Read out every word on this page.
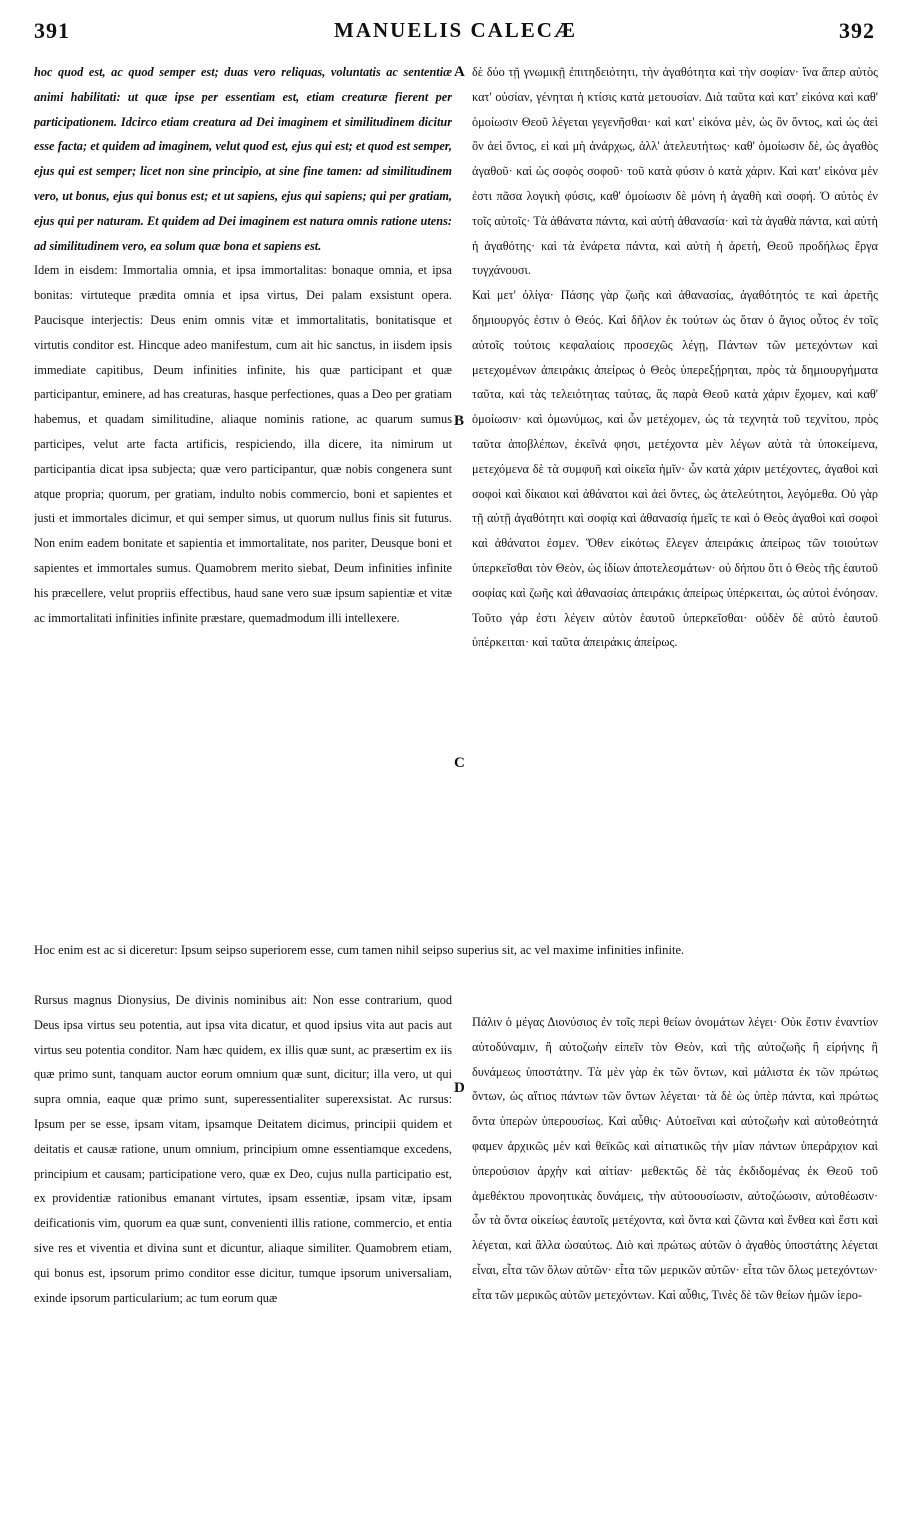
391	MANUELIS CALECÆ	392

hoc quod est, ac quod semper est; duas vero reliquas, voluntatis ac sententiæ animi habilitati: ut quæ ipse per essentiam est, etiam creaturæ fierent per participationem. Idcirco etiam creatura ad Dei imaginem et similitudinem dicitur esse facta; et quidem ad imaginem, velut quod est, ejus qui est; et quod est semper, ejus qui est semper; licet non sine principio, at sine fine tamen: ad similitudinem vero, ut bonus, ejus qui bonus est; et ut sapiens, ejus qui sapiens; qui per gratiam, ejus qui per naturam. Et quidem ad Dei imaginem est natura omnis ratione utens: ad similitudinem vero, ea solum quæ bona et sapiens est.

Idem in eisdem: Immortalia omnia, et ipsa immortalitas: bonaque omnia, et ipsa bonitas: virtuteque prædita omnia et ipsa virtus, Dei palam exsistunt opera. Paucisque interjectis: Deus enim omnis vitæ et immortalitatis, bonitatisque et virtutis conditor est. Hincque adeo manifestum, cum ait hic sanctus, in iisdem ipsis immediate capitibus, Deum infinities infinite, his quæ participant et quæ participantur, eminere, ad has creaturas, hasque perfectiones, quas a Deo per gratiam habemus, et quadam similitudine, aliaque nominis ratione, ac quarum sumus participes, velut arte facta artificis, respiciendo, illa dicere, ita nimirum ut participantia dicat ipsa subjecta; quæ vero participantur, quæ nobis congenera sunt atque propria; quorum, per gratiam, indulto nobis commercio, boni et sapientes et justi et immortales dicimur, et qui semper simus, ut quorum nullus finis sit futurus. Non enim eadem bonitate et sapientia et immortalitate, nos pariter, Deusque boni et sapientes et immortales sumus. Quamobrem merito siebat, Deum infinities infinite his præcellere, velut propriis effectibus, haud sane vero suæ ipsum sapientiæ et vitæ ac immortalitati infinities infinite præstare, quemadmodum illi intellexere.

δὲ δύο τῇ γνωμικῇ ἐπιτηδειότητι, τὴν ἀγαθότητα καὶ τὴν σοφίαν· ἵνα ἅπερ αὐτὸς κατ' οὐσίαν, γένηται ἡ κτίσις κατὰ μετουσίαν. Διὰ ταῦτα καὶ κατ' εἰκόνα καὶ καθ' ὁμοίωσιν Θεοῦ λέγεται γεγενῆσθαι· καὶ κατ' εἰκόνα μὲν, ὡς ὂν ὄντος, καὶ ὡς ἀεὶ ὂν ἀεὶ ὄντος, εἰ καὶ μὴ ἀνάρχως, ἀλλ' ἀτελευτήτως· καθ' ὁμοίωσιν δὲ, ὡς ἀγαθὸς ἀγαθοῦ· καὶ ὡς σοφὸς σοφοῦ· τοῦ κατὰ φύσιν ὁ κατὰ χάριν. Καὶ κατ' εἰκόνα μὲν ἐστι πᾶσα λογικὴ φύσις, καθ' ὁμοίωσιν δὲ μόνη ἡ ἀγαθὴ καὶ σοφή. Ὁ αὐτὸς ἐν τοῖς αὐτοῖς· Τὰ ἀθάνατα πάντα, καὶ αὐτὴ ἀθανασία· καὶ τὰ ἀγαθὰ πάντα, καὶ αὐτὴ ἡ ἀγαθότης· καὶ τὰ ἐνάρετα πάντα, καὶ αὐτὴ ἡ ἀρετὴ, Θεοῦ προδήλως ἔργα τυγχάνουσι.

Καὶ μετ' ὀλίγα· Πάσης γὰρ ζωῆς καὶ ἀθανασίας, ἀγαθότητός τε καὶ ἀρετῆς δημιουργός ἐστιν ὁ Θεός. Καὶ δῆλον ἐκ τούτων ὡς ὅταν ὁ ἅγιος οὗτος ἐν τοῖς αὐτοῖς τούτοις κεφαλαίοις προσεχῶς λέγῃ, Πάντων τῶν μετεχόντων καὶ μετεχομένων ἀπειράκις ἀπείρως ὁ Θεὸς ὑπερεξῄρηται, πρὸς τὰ δημιουργήματα ταῦτα, καὶ τὰς τελειότητας ταύτας, ἃς παρὰ Θεοῦ κατὰ χάριν ἔχομεν, καὶ καθ' ὁμοίωσιν· καὶ ὁμωνύμως, καὶ ὧν μετέχομεν, ὡς τὰ τεχνητὰ τοῦ τεχνίτου, πρὸς ταῦτα ἀποβλέπων, ἐκεῖνά φησι, μετέχοντα μὲν λέγων αὐτὰ τὰ ὑποκείμενα, μετεχόμενα δὲ τὰ συμφυῆ καὶ οἰκεῖα ἡμῖν· ὧν κατὰ χάριν μετέχοντες, ἀγαθοὶ καὶ σοφοὶ καὶ δίκαιοι καὶ ἀθάνατοι καὶ ἀεὶ ὄντες, ὡς ἀτελεύτητοι, λεγόμεθα. Οὐ γὰρ τῇ αὐτῇ ἀγαθότητι καὶ σοφίᾳ καὶ ἀθανασίᾳ ἡμεῖς τε καὶ ὁ Θεὸς ἀγαθοὶ καὶ σοφοὶ καὶ ἀθάνατοι ἐσμεν. Ὅθεν εἰκότως ἔλεγεν ἀπειράκις ἀπείρως τῶν τοιούτων ὑπερκεῖσθαι τὸν Θεὸν, ὡς ἰδίων ἀποτελεσμάτων· οὐ δήπου ὅτι ὁ Θεὸς τῆς ἑαυτοῦ σοφίας καὶ ζωῆς καὶ ἀθανασίας ἀπειράκις ἀπείρως ὑπέρκειται, ὡς αὐτοὶ ἐνόησαν. Τοῦτο γάρ ἐστι λέγειν αὐτὸν ἑαυτοῦ ὑπερκεῖσθαι· οὐδὲν δὲ αὐτὸ ἑαυτοῦ ὑπέρκειται· καὶ ταῦτα ἀπειράκις ἀπείρως.

A
B
C
D
Hoc enim est ac si diceretur: Ipsum seipso superiorem esse, cum tamen nihil seipso superius sit, ac vel maxime infinities infinite.

Rursus magnus Dionysius, De divinis nominibus ait: Non esse contrarium, quod Deus ipsa virtus seu potentia, aut ipsa vita dicatur, et quod ipsius vita aut pacis aut virtus seu potentia conditor. Nam hæc quidem, ex illis quæ sunt, ac præsertim ex iis quæ primo sunt, tanquam auctor eorum omnium quæ sunt, dicitur; illa vero, ut qui supra omnia, eaque quæ primo sunt, superessentialiter superexsistat. Ac rursus: Ipsum per se esse, ipsam vitam, ipsamque Deitatem dicimus, principii quidem et deitatis et causæ ratione, unum omnium, principium omne essentiamque excedens, principium et causam; participatione vero, quæ ex Deo, cujus nulla participatio est, ex providentiæ rationibus emanant virtutes, ipsam essentiæ, ipsam vitæ, ipsam deificationis vim, quorum ea quæ sunt, convenienti illis ratione, commercio, et entia sive res et viventia et divina sunt et dicuntur, aliaque similiter. Quamobrem etiam, qui bonus est, ipsorum primo conditor esse dicitur, tumque ipsorum universaliam, exinde ipsorum particularium; ac tum eorum quæ

Πάλιν ὁ μέγας Διονύσιος ἐν τοῖς περὶ θείων ὀνομάτων λέγει· Οὐκ ἔστιν ἐναντίον αὐτοδύναμιν, ἢ αὐτοζωὴν εἰπεῖν τὸν Θεὸν, καὶ τῆς αὐτοζωῆς ἢ εἰρήνης ἢ δυνάμεως ὑποστάτην. Τὰ μὲν γὰρ ἐκ τῶν ὄντων, καὶ μάλιστα ἐκ τῶν πρώτως ὄντων, ὡς αἴτιος πάντων τῶν ὄντων λέγεται· τὰ δὲ ὡς ὑπὲρ πάντα, καὶ πρώτως ὄντα ὑπερὼν ὑπερουσίως. Καὶ αὖθις· Αὐτοεῖναι καὶ αὐτοζωὴν καὶ αὐτοθεότητά φαμεν ἀρχικῶς μὲν καὶ θεϊκῶς καὶ αἰτιατικῶς τὴν μίαν πάντων ὑπεράρχιον καὶ ὑπερούσιον ἀρχὴν καὶ αἰτίαν· μεθεκτῶς δὲ τὰς ἐκδιδομένας ἐκ Θεοῦ τοῦ ἀμεθέκτου προνοητικὰς δυνάμεις, τὴν αὐτοουσίωσιν, αὐτοζώωσιν, αὐτοθέωσιν· ὧν τὰ ὄντα οἰκείως ἑαυτοῖς μετέχοντα, καὶ ὄντα καὶ ζῶντα καὶ ἔνθεα καὶ ἔστι καὶ λέγεται, καὶ ἄλλα ὡσαύτως. Διὸ καὶ πρώτως αὐτῶν ὁ ἀγαθὸς ὑποστάτης λέγεται εἶναι, εἶτα τῶν ὅλων αὐτῶν· εἶτα τῶν μερικῶν αὐτῶν· εἶτα τῶν ὅλως μετεχόντων· εἶτα τῶν μερικῶς αὐτῶν μετεχόντων. Καὶ αὖθις, Τινὲς δὲ τῶν θείων ἡμῶν ἱερο-
